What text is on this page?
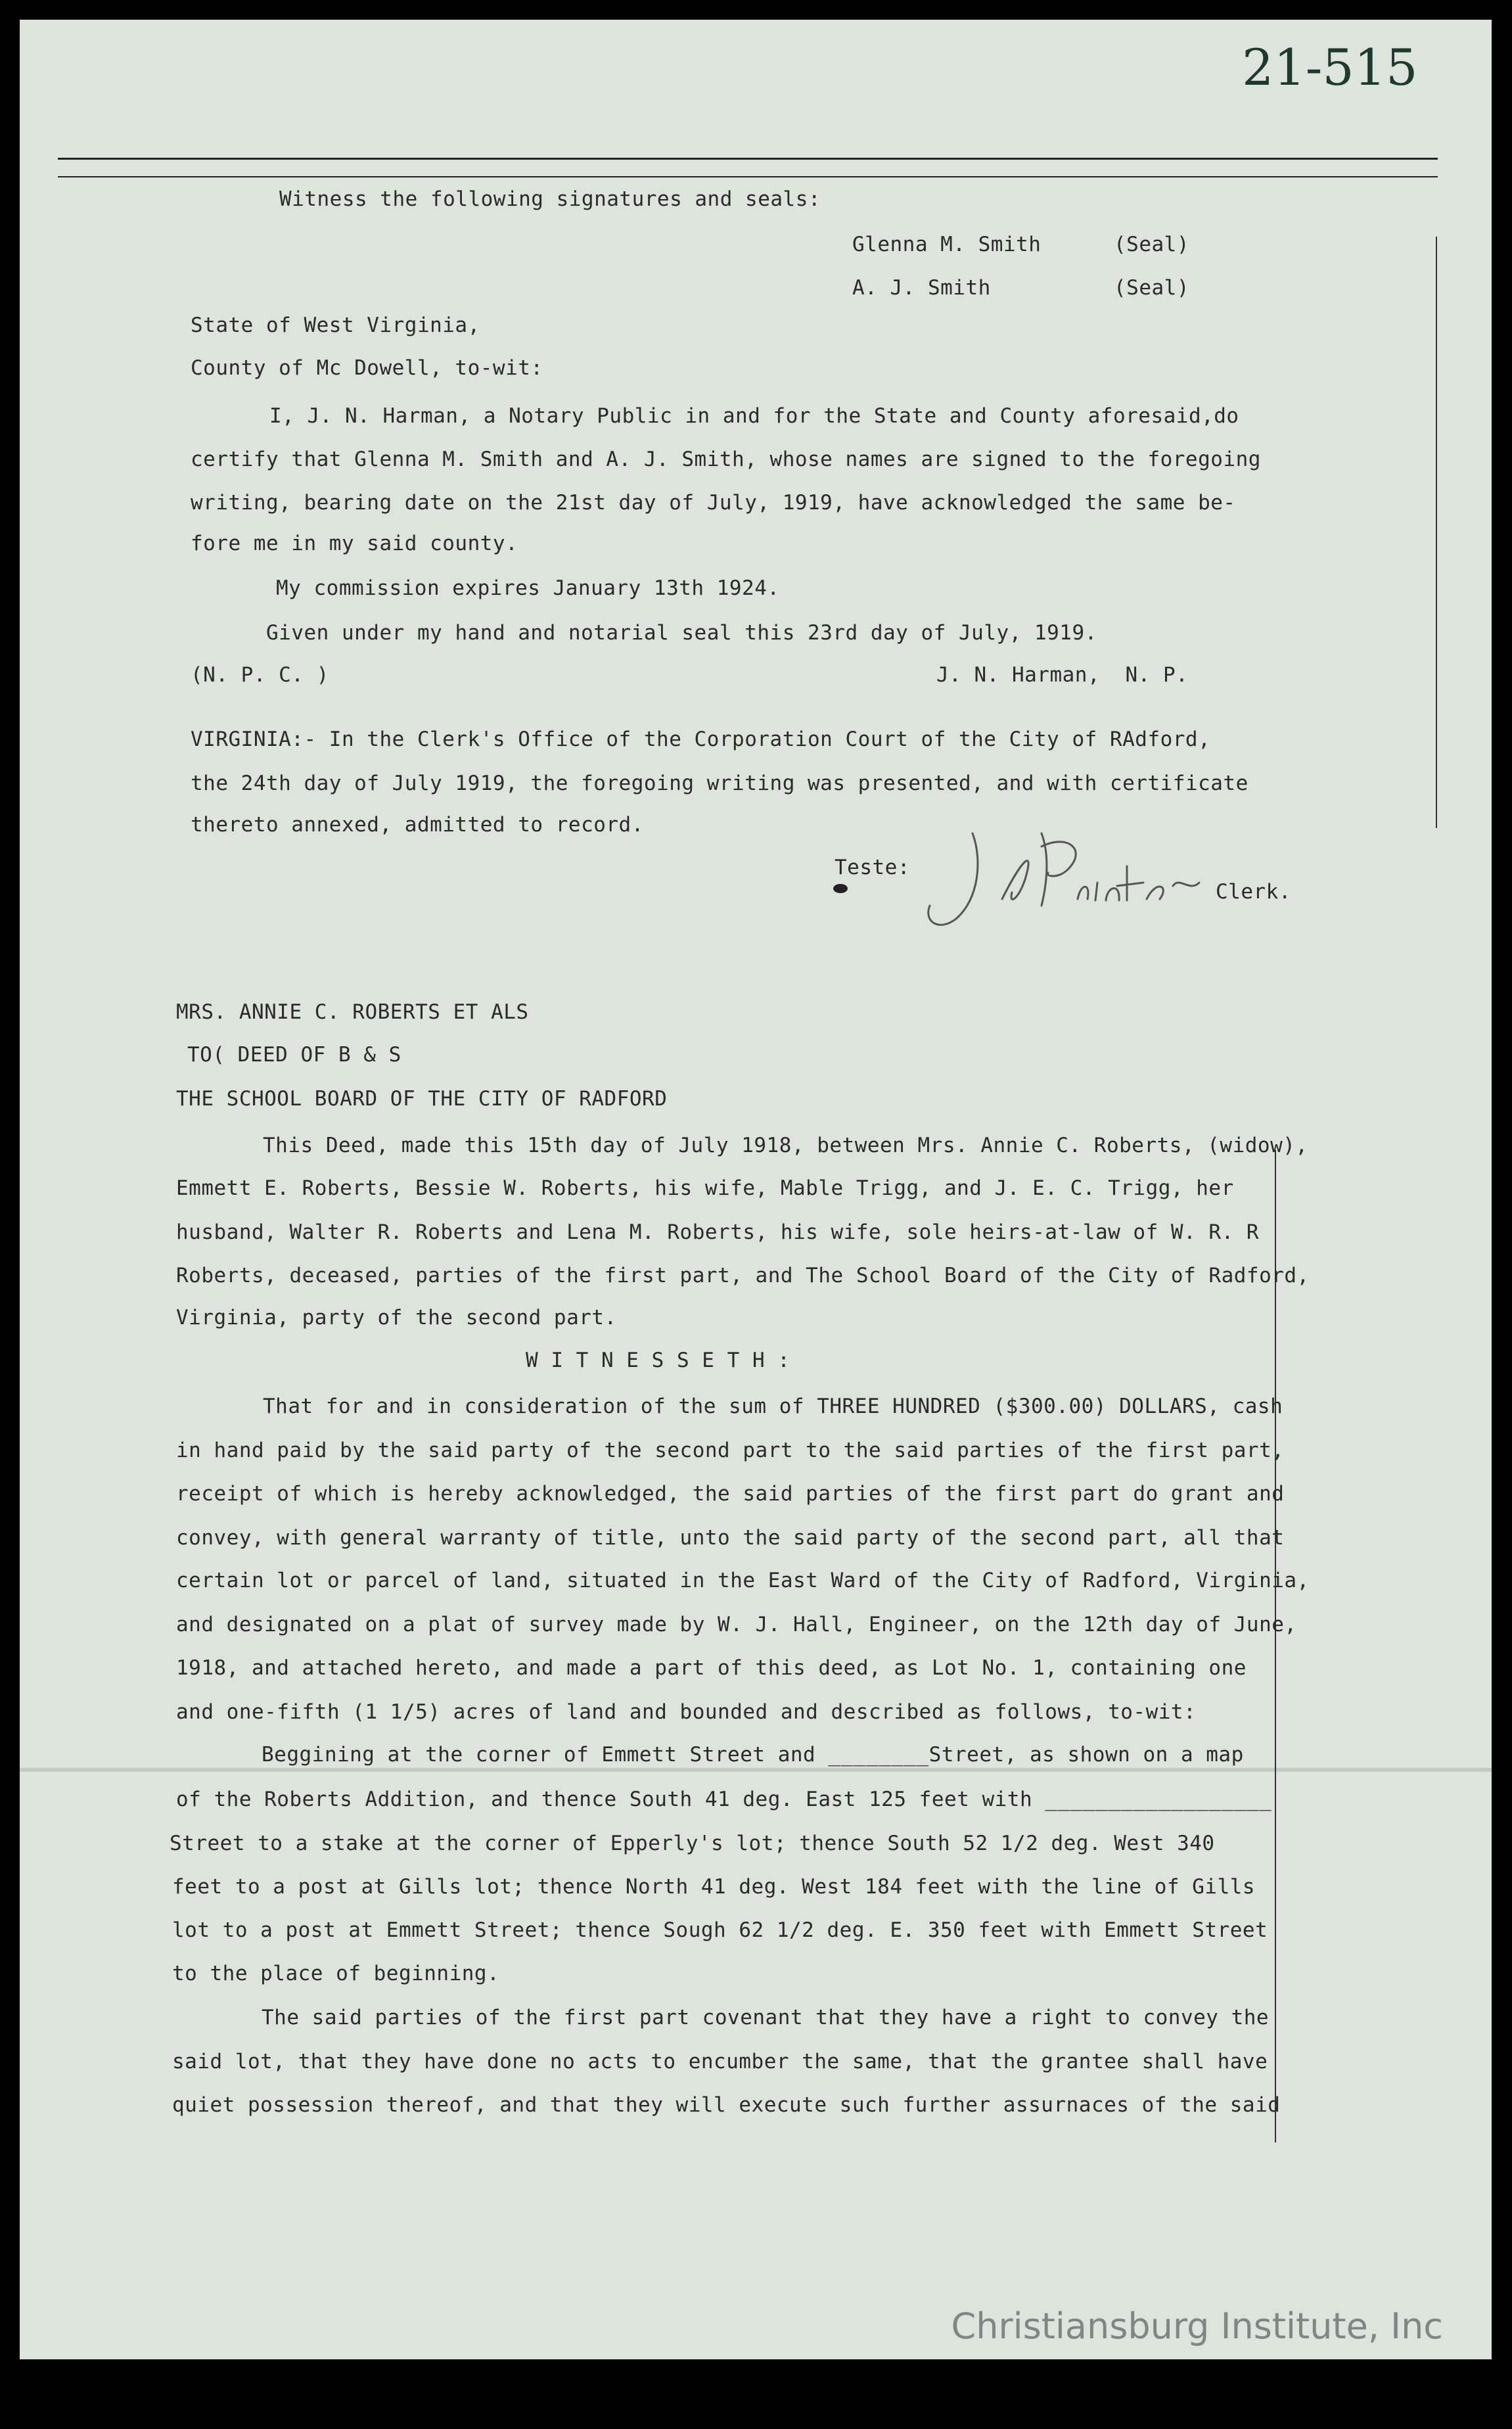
21-515

Witness the following signatures and seals:

Glenna M. Smith	(Seal)

A. J. Smith	(Seal)

State of West Virginia,

County of Mc Dowell, to-wit:

I, J. N. Harman, a Notary Public in and for the State and County aforesaid,do

certify that Glenna M. Smith and A. J. Smith, whose names are signed to the foregoing

writing, bearing date on the 21st day of July, 1919, have acknowledged the same be-

fore me in my said county.

My commission expires January 13th 1924.

Given under my hand and notarial seal this 23rd day of July, 1919.

(N. P. C. )	J. N. Harman,  N. P.

VIRGINIA:- In the Clerk's Office of the Corporation Court of the City of RAdford,

the 24th day of July 1919, the foregoing writing was presented, and with certificate

thereto annexed, admitted to record.

Teste:

Clerk.

MRS. ANNIE C. ROBERTS ET ALS

TO( DEED OF B & S

THE SCHOOL BOARD OF THE CITY OF RADFORD

This Deed, made this 15th day of July 1918, between Mrs. Annie C. Roberts, (widow),

Emmett E. Roberts, Bessie W. Roberts, his wife, Mable Trigg, and J. E. C. Trigg, her

husband, Walter R. Roberts and Lena M. Roberts, his wife, sole heirs-at-law of W. R. R

Roberts, deceased, parties of the first part, and The School Board of the City of Radford,

Virginia, party of the second part.

W I T N E S S E T H :

That for and in consideration of the sum of THREE HUNDRED ($300.00) DOLLARS, cash

in hand paid by the said party of the second part to the said parties of the first part,

receipt of which is hereby acknowledged, the said parties of the first part do grant and

convey, with general warranty of title, unto the said party of the second part, all that

certain lot or parcel of land, situated in the East Ward of the City of Radford, Virginia,

and designated on a plat of survey made by W. J. Hall, Engineer, on the 12th day of June,

1918, and attached hereto, and made a part of this deed, as Lot No. 1, containing one

and one-fifth (1 1/5) acres of land and bounded and described as follows, to-wit:

Beggining at the corner of Emmett Street and ________Street, as shown on a map

of the Roberts Addition, and thence South 41 deg. East 125 feet with __________________

Street to a stake at the corner of Epperly's lot; thence South 52 1/2 deg. West 340

feet to a post at Gills lot; thence North 41 deg. West 184 feet with the line of Gills

lot to a post at Emmett Street; thence Sough 62 1/2 deg. E. 350 feet with Emmett Street

to the place of beginning.

The said parties of the first part covenant that they have a right to convey the

said lot, that they have done no acts to encumber the same, that the grantee shall have

quiet possession thereof, and that they will execute such further assurnaces of the said

Christiansburg Institute, Inc
